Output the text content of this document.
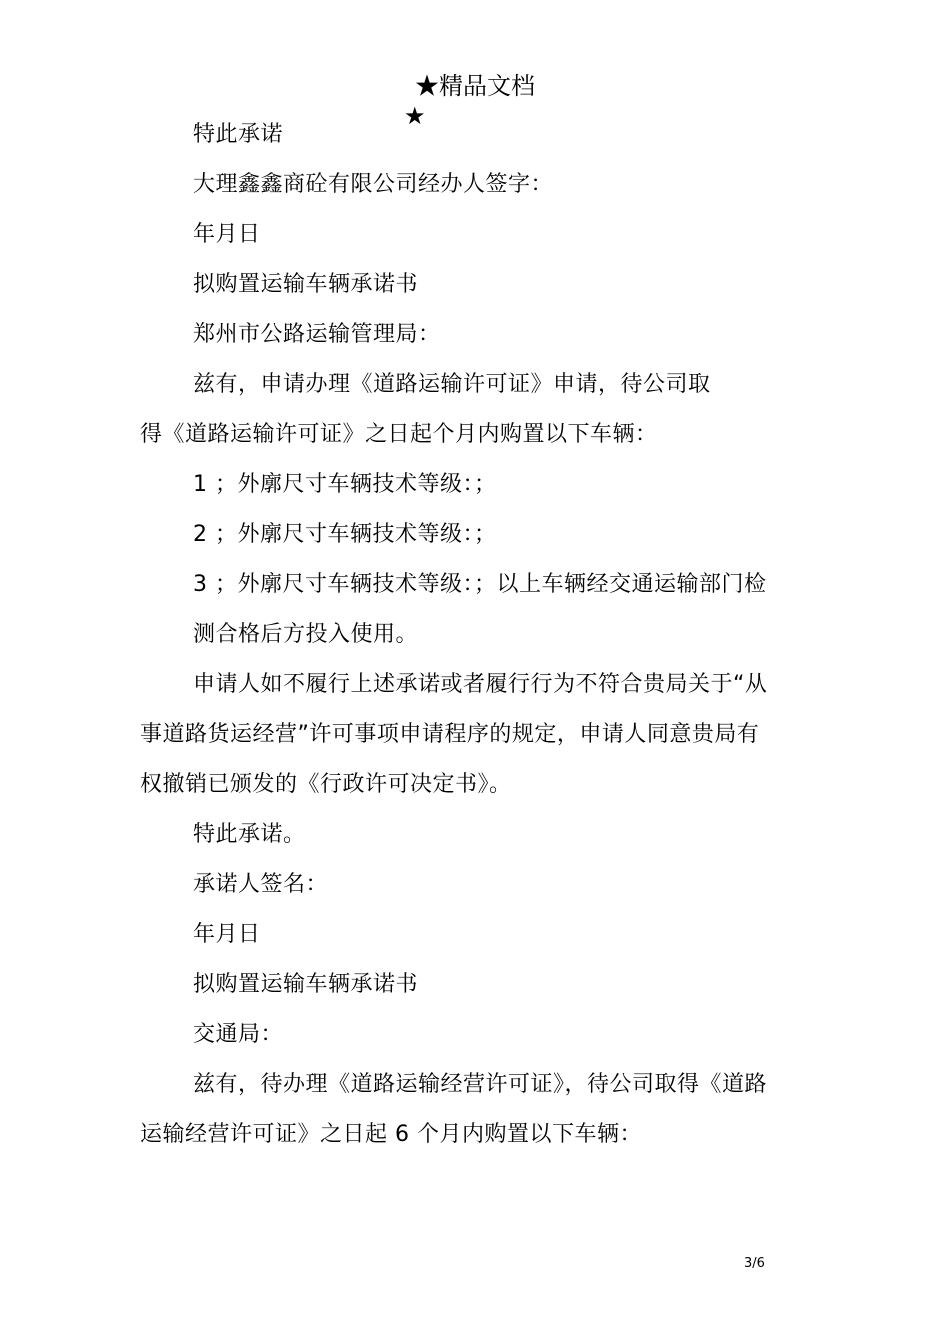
★精品文档
★

特此承诺

大理鑫鑫商砼有限公司经办人签字：

年月日

拟购置运输车辆承诺书

郑州市公路运输管理局：

兹有，申请办理《道路运输许可证》申请，待公司取

得《道路运输许可证》之日起个月内购置以下车辆：

1 ；外廓尺寸车辆技术等级：；

2 ；外廓尺寸车辆技术等级：；

3 ；外廓尺寸车辆技术等级：；以上车辆经交通运输部门检

测合格后方投入使用。

申请人如不履行上述承诺或者履行行为不符合贵局关于“从

事道路货运经营”许可事项申请程序的规定，申请人同意贵局有

权撤销已颁发的《行政许可决定书》。

特此承诺。

承诺人签名：

年月日

拟购置运输车辆承诺书

交通局：

兹有，待办理《道路运输经营许可证》，待公司取得《道路

运输经营许可证》之日起 6 个月内购置以下车辆：

3/6
